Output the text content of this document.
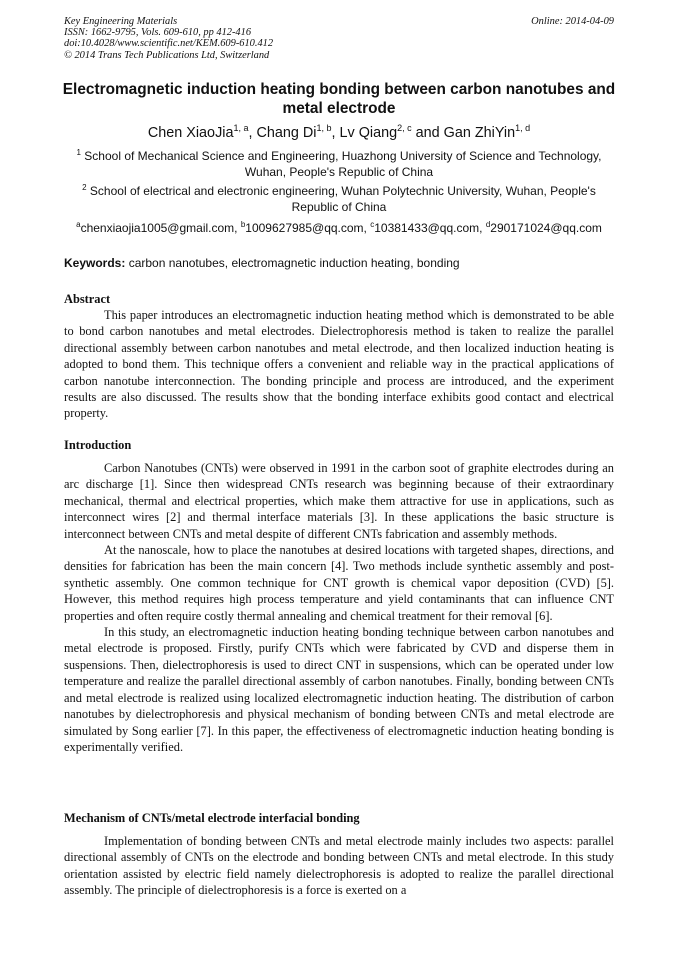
Key Engineering Materials
ISSN: 1662-9795, Vols. 609-610, pp 412-416
doi:10.4028/www.scientific.net/KEM.609-610.412
© 2014 Trans Tech Publications Ltd, Switzerland
Online: 2014-04-09
Electromagnetic induction heating bonding between carbon nanotubes and metal electrode
Chen XiaoJia$^{1, a}$, Chang Di$^{1, b}$, Lv Qiang$^{2, c}$ and Gan ZhiYin$^{1, d}$
$^1$ School of Mechanical Science and Engineering, Huazhong University of Science and Technology, Wuhan, People's Republic of China
$^2$ School of electrical and electronic engineering, Wuhan Polytechnic University, Wuhan, People's Republic of China
$^a$chenxiaojia1005@gmail.com, $^b$1009627985@qq.com, $^c$10381433@qq.com, $^d$290171024@qq.com
Keywords: carbon nanotubes, electromagnetic induction heating, bonding
Abstract

This paper introduces an electromagnetic induction heating method which is demonstrated to be able to bond carbon nanotubes and metal electrodes. Dielectrophoresis method is taken to realize the parallel directional assembly between carbon nanotubes and metal electrode, and then localized induction heating is adopted to bond them. This technique offers a convenient and reliable way in the practical applications of carbon nanotube interconnection. The bonding principle and process are introduced, and the experiment results are also discussed. The results show that the bonding interface exhibits good contact and electrical property.

Introduction

Carbon Nanotubes (CNTs) were observed in 1991 in the carbon soot of graphite electrodes during an arc discharge [1]. Since then widespread CNTs research was beginning because of their extraordinary mechanical, thermal and electrical properties, which make them attractive for use in applications, such as interconnect wires [2] and thermal interface materials [3]. In these applications the basic structure is interconnect between CNTs and metal despite of different CNTs fabrication and assembly methods.

At the nanoscale, how to place the nanotubes at desired locations with targeted shapes, directions, and densities for fabrication has been the main concern [4]. Two methods include synthetic assembly and post-synthetic assembly. One common technique for CNT growth is chemical vapor deposition (CVD) [5]. However, this method requires high process temperature and yield contaminants that can influence CNT properties and often require costly thermal annealing and chemical treatment for their removal [6].

In this study, an electromagnetic induction heating bonding technique between carbon nanotubes and metal electrode is proposed. Firstly, purify CNTs which were fabricated by CVD and disperse them in suspensions. Then, dielectrophoresis is used to direct CNT in suspensions, which can be operated under low temperature and realize the parallel directional assembly of carbon nanotubes. Finally, bonding between CNTs and metal electrode is realized using localized electromagnetic induction heating. The distribution of carbon nanotubes by dielectrophoresis and physical mechanism of bonding between CNTs and metal electrode are simulated by Song earlier [7]. In this paper, the effectiveness of electromagnetic induction heating bonding is experimentally verified.

Mechanism of CNTs/metal electrode interfacial bonding

Implementation of bonding between CNTs and metal electrode mainly includes two aspects: parallel directional assembly of CNTs on the electrode and bonding between CNTs and metal electrode. In this study orientation assisted by electric field namely dielectrophoresis is adopted to realize the parallel directional assembly. The principle of dielectrophoresis is a force is exerted on a
